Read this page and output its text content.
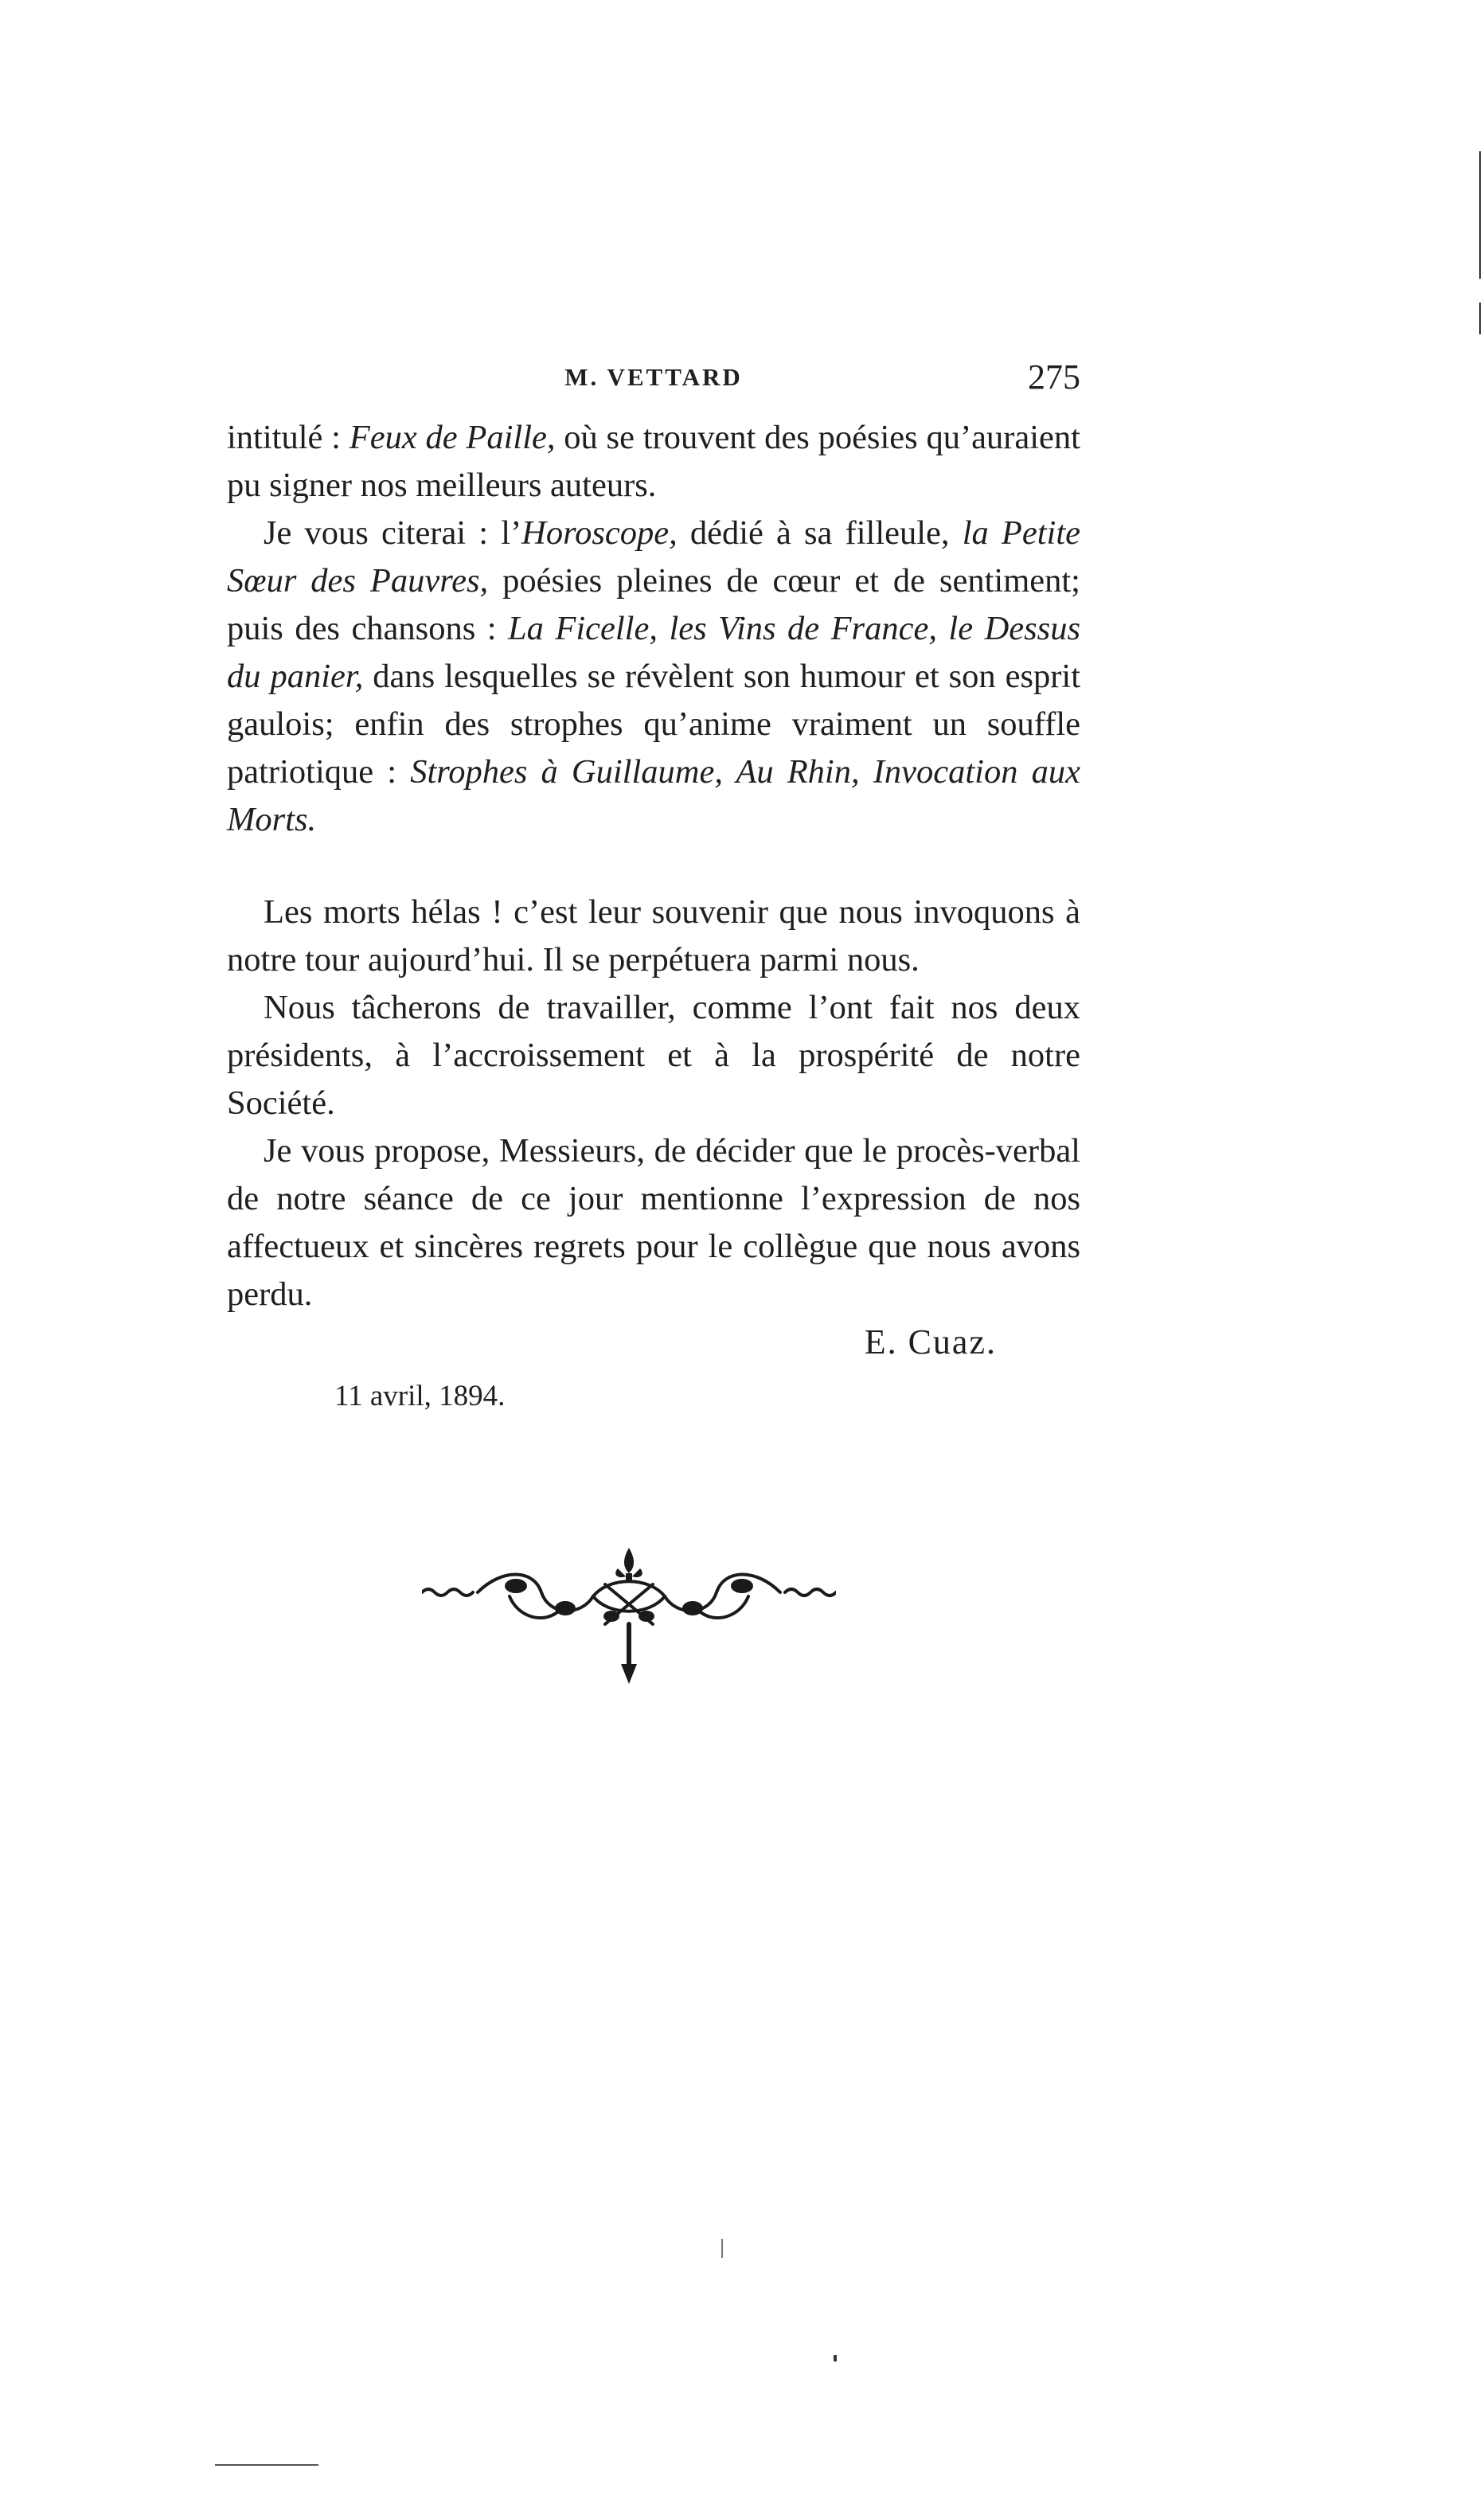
M. VETTARD	275

intitulé : Feux de Paille, où se trouvent des poésies qu’auraient pu signer nos meilleurs auteurs.

Je vous citerai : l’Horoscope, dédié à sa filleule, la Petite Sœur des Pauvres, poésies pleines de cœur et de sentiment; puis des chansons : La Ficelle, les Vins de France, le Dessus du panier, dans lesquelles se révèlent son humour et son esprit gaulois; enfin des strophes qu’anime vraiment un souffle patriotique : Strophes à Guillaume, Au Rhin, Invocation aux Morts.

Les morts hélas ! c’est leur souvenir que nous invoquons à notre tour aujourd’hui. Il se perpétuera parmi nous.

Nous tâcherons de travailler, comme l’ont fait nos deux présidents, à l’accroissement et à la prospérité de notre Société.

Je vous propose, Messieurs, de décider que le procès-verbal de notre séance de ce jour mentionne l’expression de nos affectueux et sincères regrets pour le collègue que nous avons perdu.

E. Cuaz.
11 avril, 1894.
